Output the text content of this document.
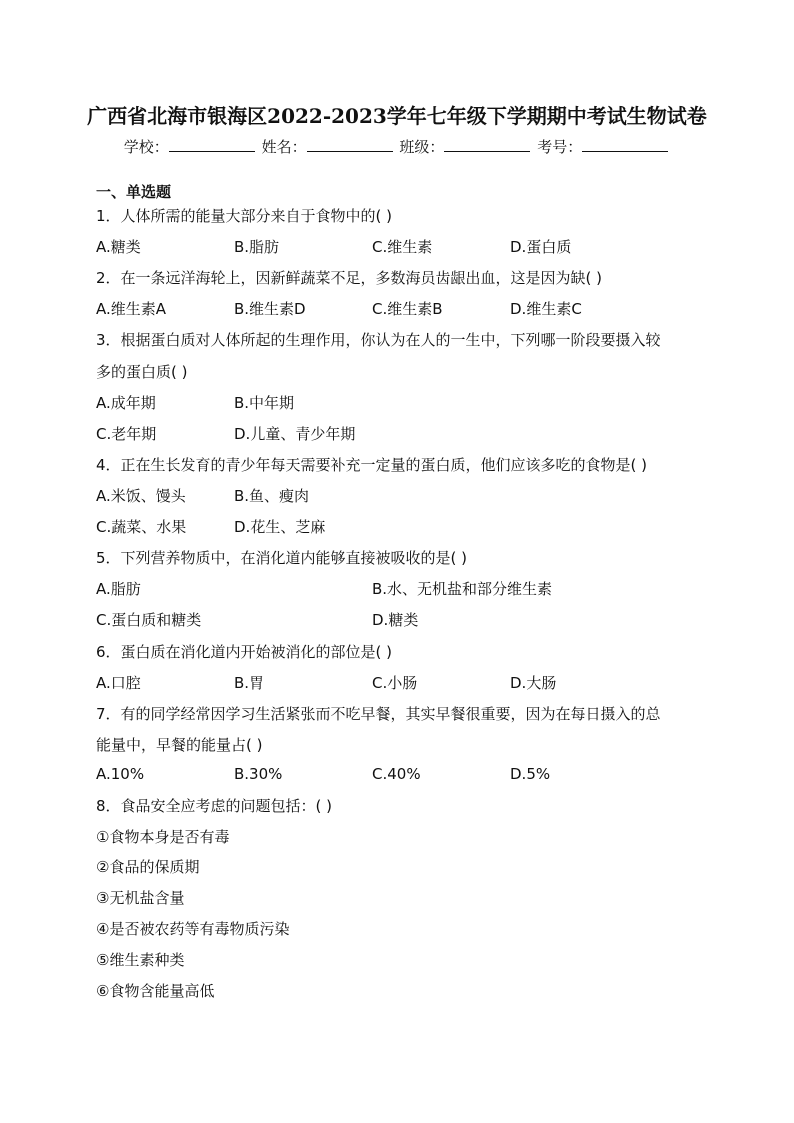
广西省北海市银海区2022-2023学年七年级下学期期中考试生物试卷
学校：	姓名：	班级：	考号：
一、单选题
1．人体所需的能量大部分来自于食物中的( )
A.糖类	B.脂肪	C.维生素	D.蛋白质
2．在一条远洋海轮上，因新鲜蔬菜不足，多数海员齿龈出血，这是因为缺( )
A.维生素A	B.维生素D	C.维生素B	D.维生素C
3．根据蛋白质对人体所起的生理作用，你认为在人的一生中，下列哪一阶段要摄入较
多的蛋白质( )
A.成年期	B.中年期
C.老年期	D.儿童、青少年期
4．正在生长发育的青少年每天需要补充一定量的蛋白质，他们应该多吃的食物是( )
A.米饭、馒头	B.鱼、瘦肉
C.蔬菜、水果	D.花生、芝麻
5．下列营养物质中，在消化道内能够直接被吸收的是( )
A.脂肪	B.水、无机盐和部分维生素
C.蛋白质和糖类	D.糖类
6．蛋白质在消化道内开始被消化的部位是( )
A.口腔	B.胃	C.小肠	D.大肠
7．有的同学经常因学习生活紧张而不吃早餐，其实早餐很重要，因为在每日摄入的总
能量中，早餐的能量占( )
A.10%	B.30%	C.40%	D.5%
8．食品安全应考虑的问题包括：( )
①食物本身是否有毒
②食品的保质期
③无机盐含量
④是否被农药等有毒物质污染
⑤维生素种类
⑥食物含能量高低
